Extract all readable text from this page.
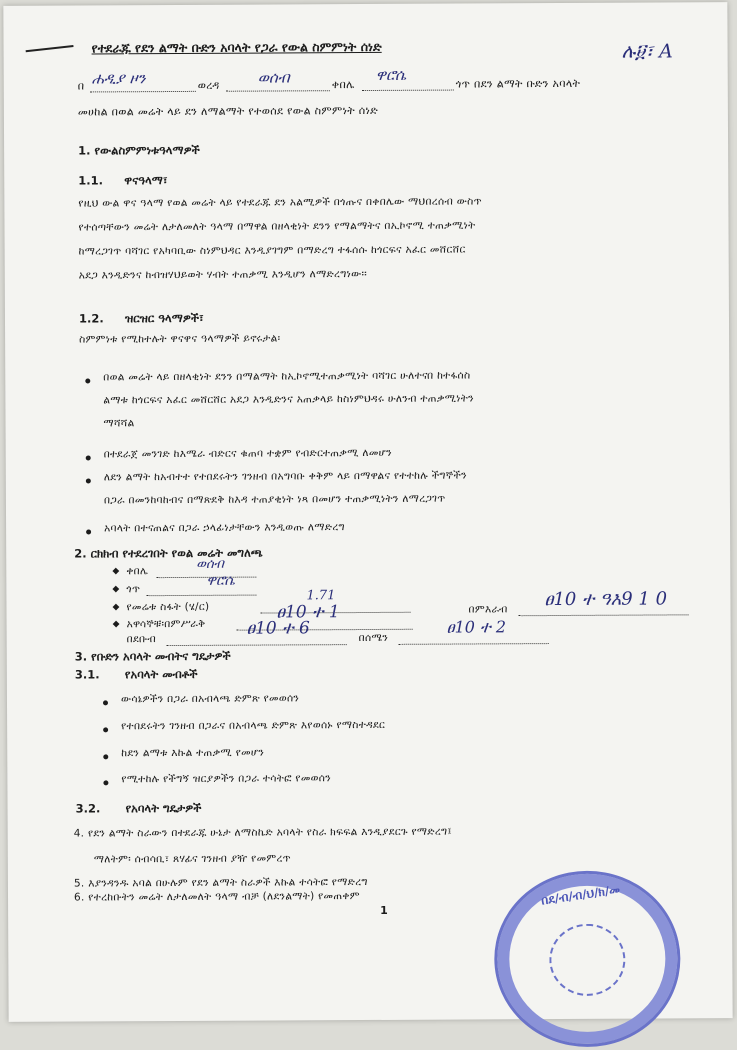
የተደራጁ የደን ልማት ቡድን አባላት የጋራ የውል ስምምነት ሰነድ	ሉ፱፣ A
በ ሐዲያ ዞን	ወረዳ	ወሰብ	ቀበሌ
ዋሮሴ	ጎጥ በደን ልማት ቡድን አባላት
መሀከል በወል መሬት ላይ ደን ለማልማት የተወሰደ የውል ስምምነት ሰነድ
1. የውልስምምነቱዓላማዎች
1.1. ዋናዓላማ፣
የዚህ ውል ዋና ዓላማ የወል መሬት ላይ የተደራጁ ደን አልሚዎች በጎጡና በቀበሌው ማህበረሰብ ውስጥ
የተሰጣቸውን መሬት ለታለመለት ዓላማ በማዋል በዘላቂነት ደንን የማልማትና በኢኮኖሚ ተጠቃሚነት
ከማረጋገጥ ባሻገር የአካባቢው ስነምህዳር እንዲያገግም በማድረግ ተፋሰሱ ከጎርፍና አፈር መሸርሸር
አደጋ እንዲድንና ከብዝሃህይወት ሃብት ተጠቃሚ እንዲሆን ለማድረግነው፡፡
1.2. ዝርዝር ዓላማዎች፣
ስምምነቱ የሚከተሉት ዋናዋና ዓላማዎች ይኖሩታል፡
በወል መሬት ላይ በዘላቂነት ደንን በማልማት ከኢኮኖሚተጠቃሚነት ባሻገር ሁለተናበ ከተፋሰስ
ልማቱ ከጎርፍና አፈር መሸርሸር አደጋ እንዲድንና አጠቃላይ ከስነምህዳሩ ሁለንብ ተጠቃሚነትን
ማሻሻል
በተደራጀ መንገድ ከእሜራ ብድርና ቁጠባ ተቋም የብድርተጠቃሚ ለመሆን
ለደን ልማት ከአብተተ የተበደሩትን ገንዘብ በአግባቡ ቀቅም ላይ በማዋልና የተተከሉ ችግኞችን
በጋራ በመንከባከብና በማጽደቅ ከእዳ ተጠያቂነት ነጻ በመሆን ተጠቃሚነትን ለማረጋገጥ
አባላት በተናጠልና በጋራ ኃላፊነታቸውን እንዲወጡ ለማድረግ
2. ርክክብ የተደረገበት የወል መሬት መግለጫ
◆ ቀበሌ	ወሰብ
◆ ጎጥ
ዋሮሴ
◆ የመሬቱ ስፋት (ሄ/ር)
1.71
◆ አዋሳኞቹ፡በምሥራቅ
ፀ10 ተ 1	በምእራብ ፀ10 ተ ዓእ9 1 0
በደቡብ
ፀ10 ተ 6	በሰሜን
ፀ10 ተ 2
3. የቡድን አባላት መብትና ግዴታዎች
3.1. የአባላት መብቶች
ውሳኔዎችን በጋራ በአብላጫ ድምጽ የመወሰን
የተበደሩትን ገንዘብ በጋራና በአብላጫ ድምጽ እየወሰኑ የማስተዳደር
ከደን ልማቱ እኩል ተጠቃሚ የመሆን
የሚተከሉ የችግኝ ዝርያዎችን በጋራ ተሳትፎ የመወሰን
3.2. የአባላት ግዴታዎች
4. የደን ልማት ስራውን በተደራጁ ሁኔታ ለማስኬድ አባላት የስራ ክፍፍል እንዲያደርጉ የማድረግ፤
ማለትም፡ ሰብሳቢ፣ ጸሃፊና ገንዘብ ያዥ የመምረጥ
5. እያንዳንዱ አባል በሁሉም የደን ልማት ስራዎች እኩል ተሳትፎ የማድረግ
6. የተረከቡትን መሬት ለታለመለት ዓላማ ብቻ (ለደንልማት) የመጠቀም
1
በደ/ብ/ብ/ህ/ክ/መ
